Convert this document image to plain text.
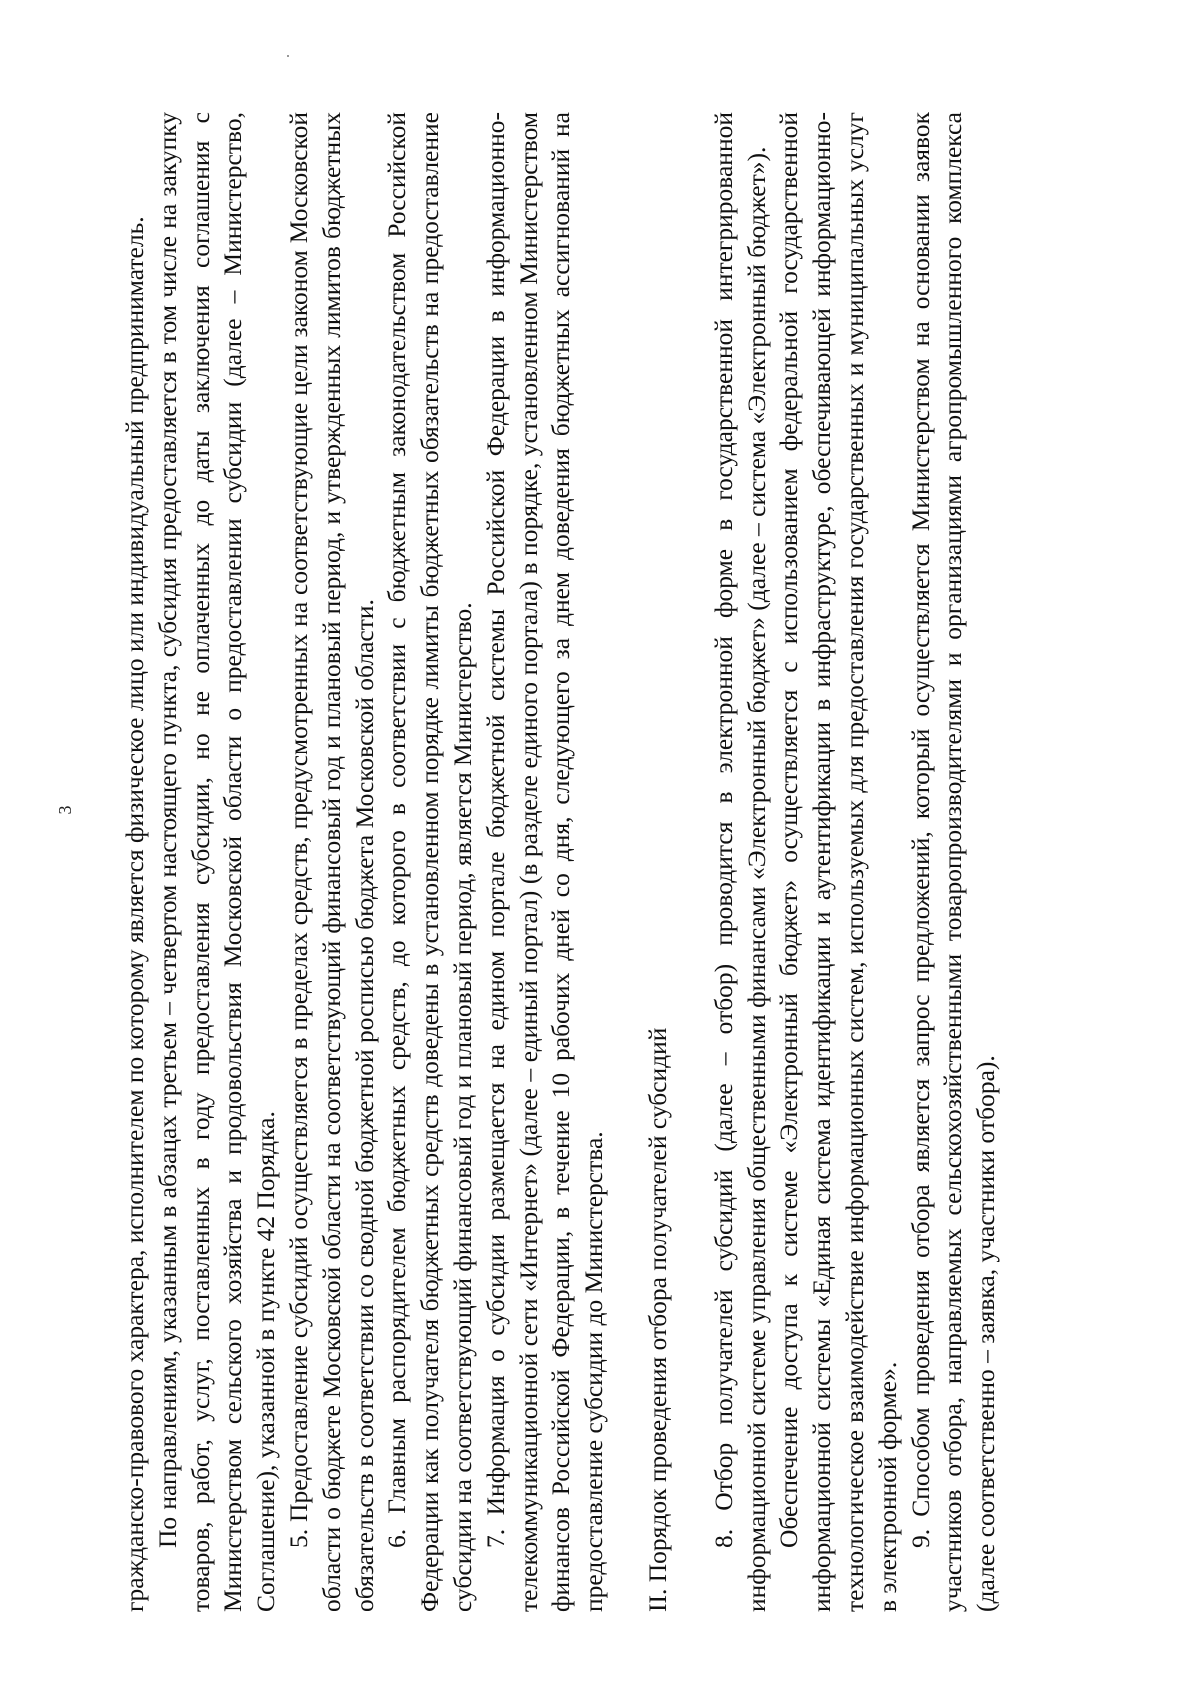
3 гражданско-правового характера, исполнителем по которому является физическое лицо или индивидуальный предприниматель. По направлениям, указанным в абзацах третьем – четвертом настоящего пункта, субсидия предоставляется в том числе на закупку товаров, работ, услуг, поставленных в году предоставления субсидии, но не оплаченных до даты заключения соглашения с Министерством сельского хозяйства и продовольствия Московской области о предоставлении субсидии (далее – Министерство, Соглашение), указанной в пункте 42 Порядка. 5. Предоставление субсидий осуществляется в пределах средств, предусмотренных на соответствующие цели законом Московской области о бюджете Московской области на соответствующий финансовый год и плановый период, и утвержденных лимитов бюджетных обязательств в соответствии со сводной бюджетной росписью бюджета Московской области. 6. Главным распорядителем бюджетных средств, до которого в соответствии с бюджетным законодательством Российской Федерации как получателя бюджетных средств доведены в установленном порядке лимиты бюджетных обязательств на предоставление субсидии на соответствующий финансовый год и плановый период, является Министерство. 7. Информация о субсидии размещается на едином портале бюджетной системы Российской Федерации в информационно-телекоммуникационной сети «Интернет» (далее – единый портал) (в разделе единого портала) в порядке, установленном Министерством финансов Российской Федерации, в течение 10 рабочих дней со дня, следующего за днем доведения бюджетных ассигнований на предоставление субсидии до Министерства. II. Порядок проведения отбора получателей субсидий 8. Отбор получателей субсидий (далее – отбор) проводится в электронной форме в государственной интегрированной информационной системе управления общественными финансами «Электронный бюджет» (далее – система «Электронный бюджет»). Обеспечение доступа к системе «Электронный бюджет» осуществляется с использованием федеральной государственной информационной системы «Единая система идентификации и аутентификации в инфраструктуре, обеспечивающей информационно-технологическое взаимодействие информационных систем, используемых для предоставления государственных и муниципальных услуг в электронной форме». 9. Способом проведения отбора является запрос предложений, который осуществляется Министерством на основании заявок участников отбора, направляемых сельскохозяйственными товаропроизводителями и организациями агропромышленного комплекса (далее соответственно – заявка, участники отбора).
